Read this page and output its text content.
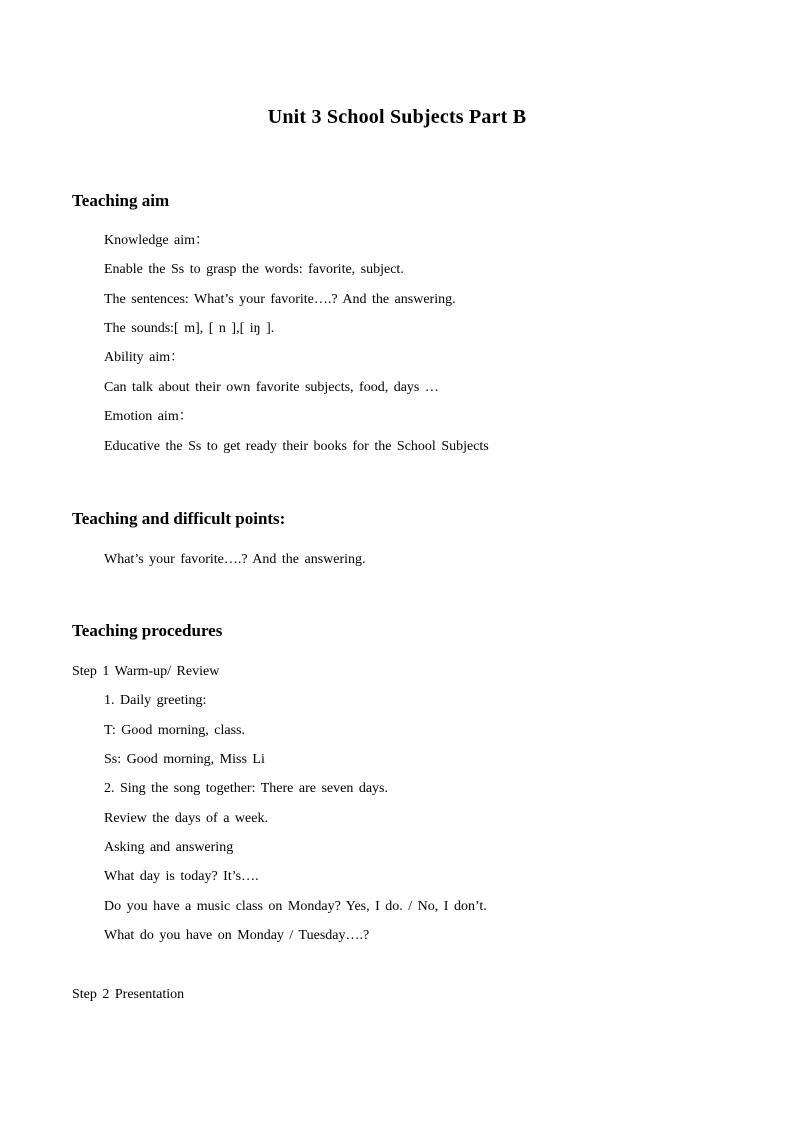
Unit 3 School Subjects Part B
Teaching aim

Knowledge aim：

Enable the Ss to grasp the words: favorite, subject.

The sentences: What’s your favorite….? And the answering.

The sounds:[ m], [ n ],[ iŋ ].

Ability aim：

Can talk about their own favorite subjects, food, days …

Emotion aim：

Educative the Ss to get ready their books for the School Subjects

Teaching and difficult points:

What’s your favorite….? And the answering.

Teaching procedures

Step 1 Warm-up/ Review

1. Daily greeting:

T: Good morning, class.

Ss: Good morning, Miss Li

2. Sing the song together: There are seven days.

Review the days of a week.

Asking and answering

What day is today? It’s….

Do you have a music class on Monday? Yes, I do. / No, I don’t.

What do you have on Monday / Tuesday….?

Step 2 Presentation
